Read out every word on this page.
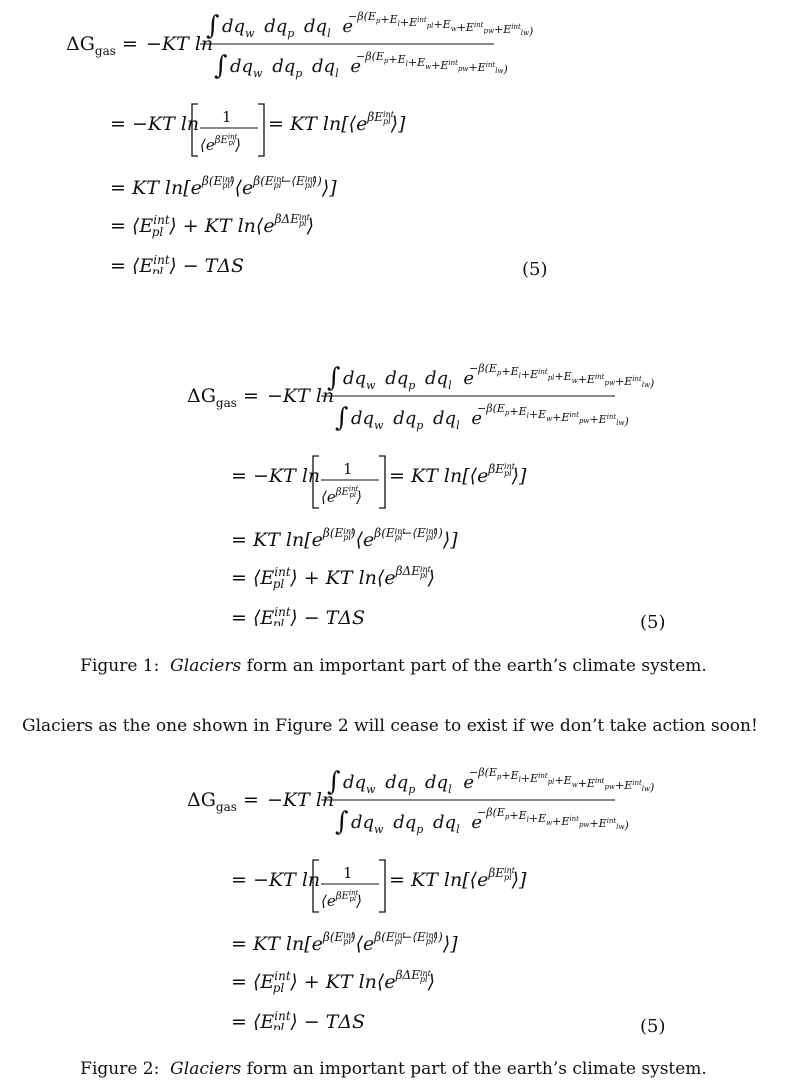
(5)
(5)
Figure 1: Glaciers form an important part of the earth’s climate system.
Glaciers as the one shown in Figure 2 will cease to exist if we don’t take action soon!
(5)
Figure 2: Glaciers form an important part of the earth’s climate system.
